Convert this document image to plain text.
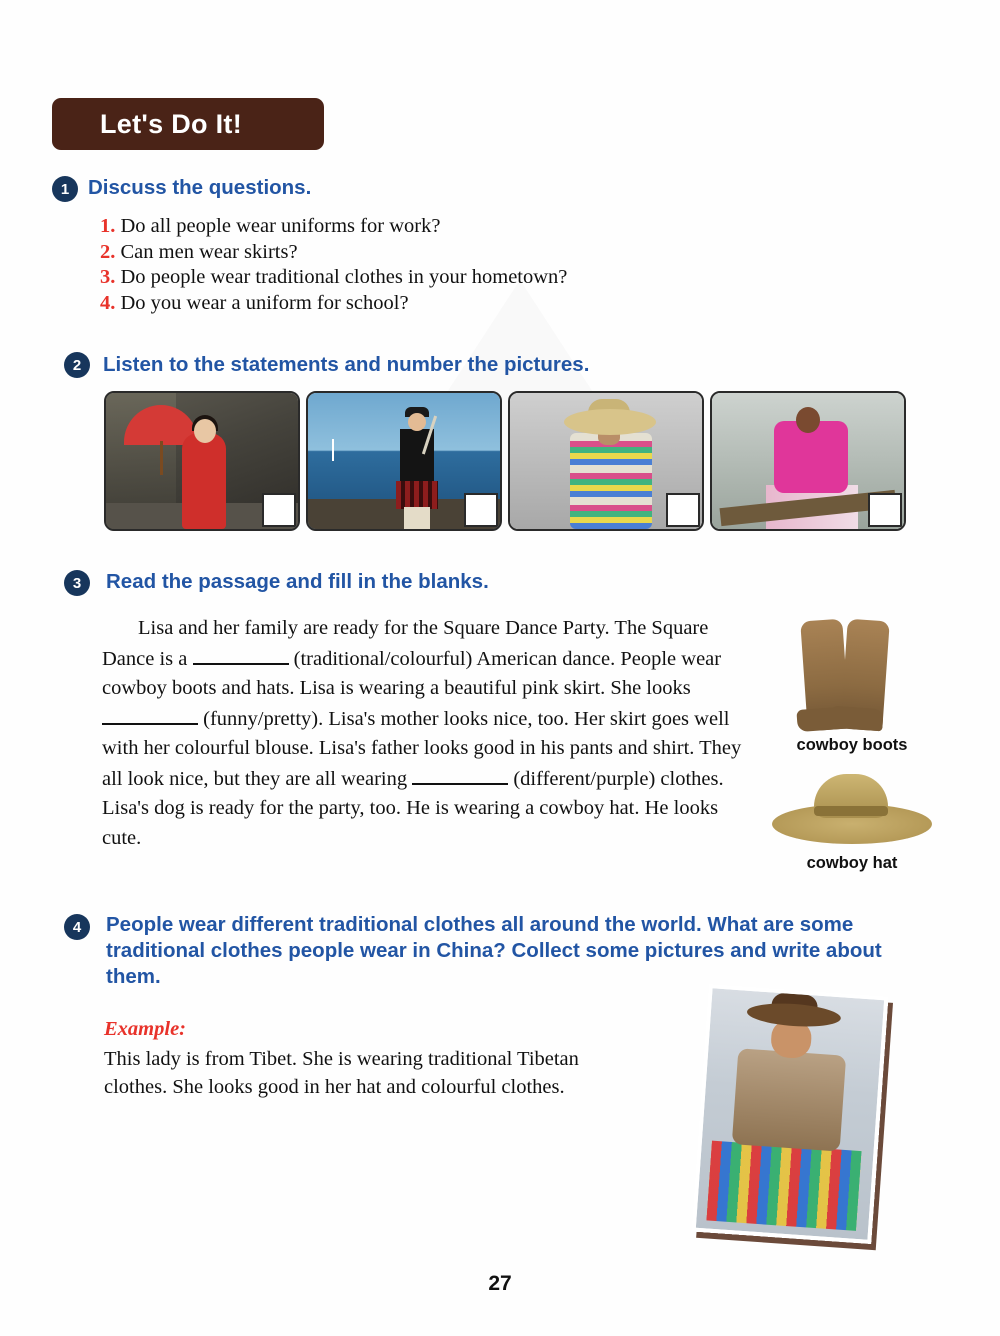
Let's Do It!
1 Discuss the questions.
1. Do all people wear uniforms for work?
2. Can men wear skirts?
3. Do people wear traditional clothes in your hometown?
4. Do you wear a uniform for school?
2	Listen to the statements and number the pictures.
3	Read the passage and fill in the blanks.
Lisa and her family are ready for the Square Dance Party. The Square Dance is a	(traditional/colourful) American dance. People wear cowboy boots and hats. Lisa is wearing a beautiful pink skirt. She looks  (funny/pretty). Lisa's mother looks nice, too. Her skirt goes well with her colourful blouse. Lisa's father looks good in his pants and shirt. They all look nice, but they are all wearing	(different/purple) clothes. Lisa's dog is ready for the party, too. He is wearing a cowboy hat. He looks cute.
cowboy boots
cowboy hat
4	People wear different traditional clothes all around the world. What are some traditional clothes people wear in China? Collect some pictures and write about them.
Example:
This lady is from Tibet. She is wearing traditional Tibetan clothes. She looks good in her hat and colourful clothes.
27
